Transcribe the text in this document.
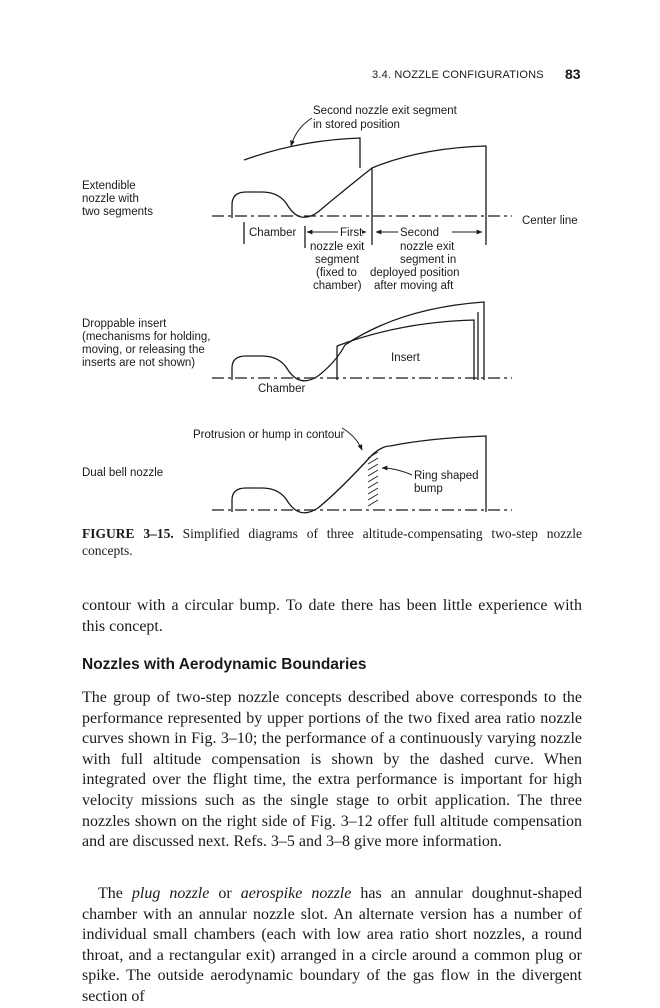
3.4. NOZZLE CONFIGURATIONS 83
Second nozzle exit segment
in stored position
Extendible
nozzle with
two segments
Center line
Chamber	First	Second
nozzle exit
segment
(fixed to
chamber)
nozzle exit
segment in
deployed position
after moving aft
Droppable insert
(mechanisms for holding,
moving, or releasing the
inserts are not shown)	Insert
Chamber
Protrusion or hump in contour
Dual bell nozzle	Ring shaped
bump
FIGURE 3–15. Simplified diagrams of three altitude-compensating two-step nozzle concepts.

contour with a circular bump. To date there has been little experience with this concept.

Nozzles with Aerodynamic Boundaries

The group of two-step nozzle concepts described above corresponds to the performance represented by upper portions of the two fixed area ratio nozzle curves shown in Fig. 3–10; the performance of a continuously varying nozzle with full altitude compensation is shown by the dashed curve. When integrated over the flight time, the extra performance is important for high velocity missions such as the single stage to orbit application. The three nozzles shown on the right side of Fig. 3–12 offer full altitude compensation and are discussed next. Refs. 3–5 and 3–8 give more information.

The plug nozzle or aerospike nozzle has an annular doughnut-shaped chamber with an annular nozzle slot. An alternate version has a number of individual small chambers (each with low area ratio short nozzles, a round throat, and a rectangular exit) arranged in a circle around a common plug or spike. The outside aerodynamic boundary of the gas flow in the divergent section of
